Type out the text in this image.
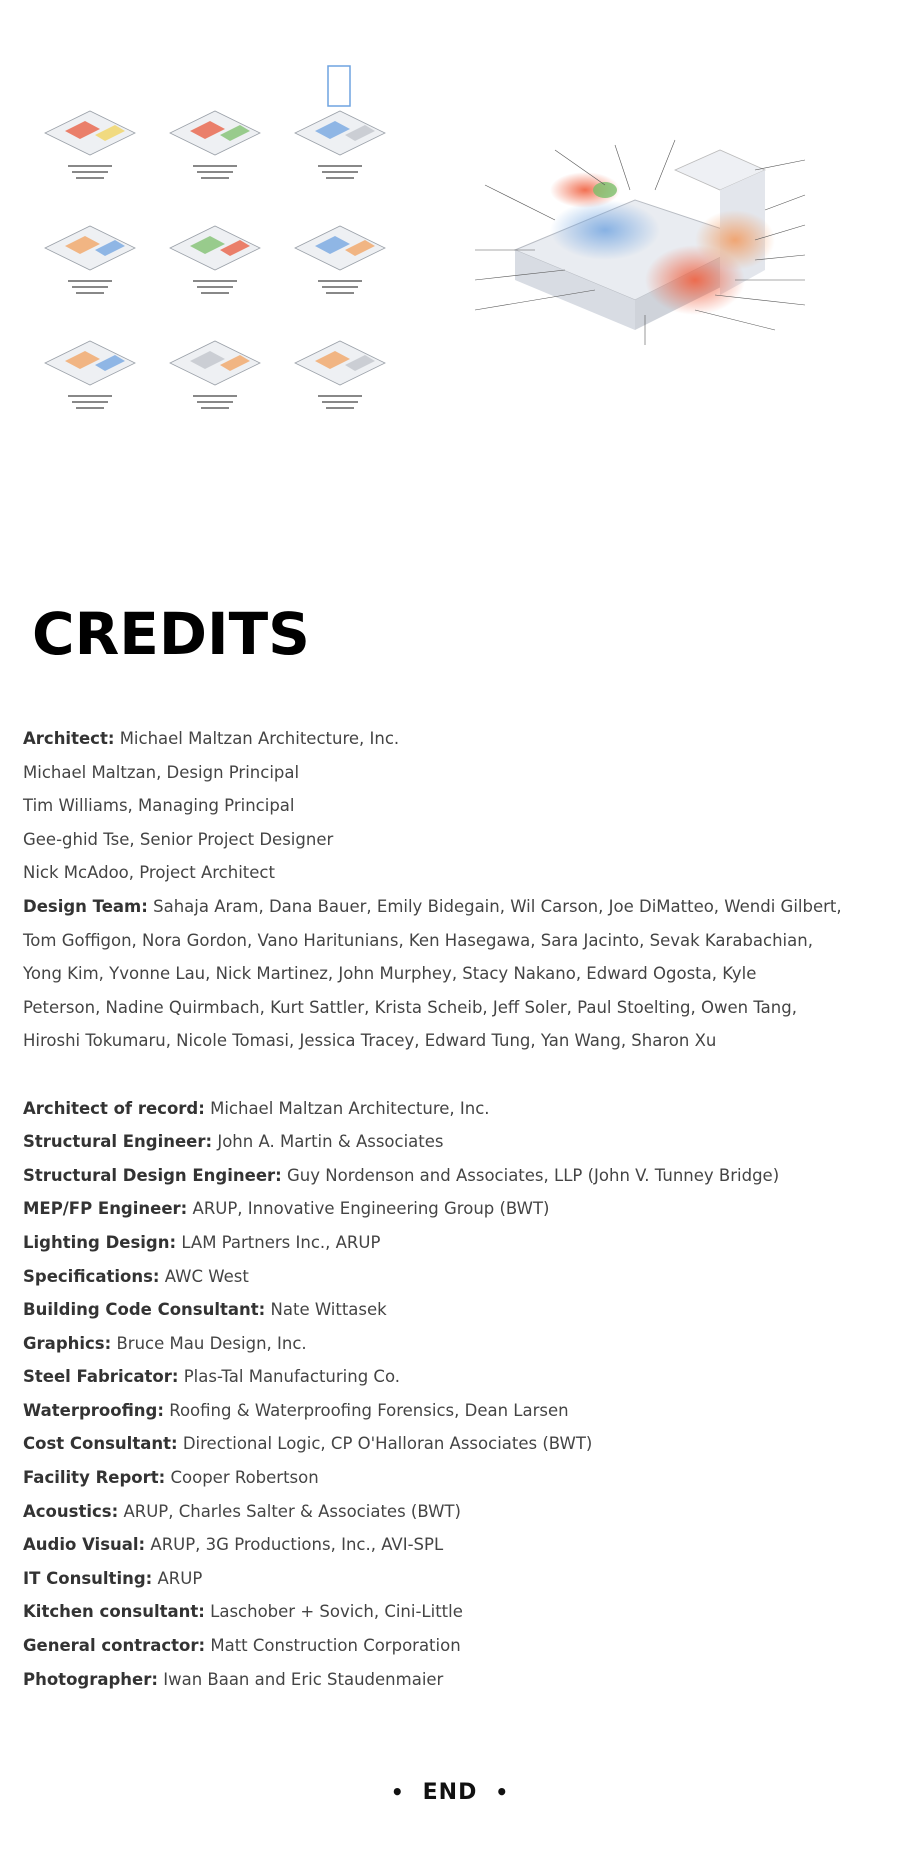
CREDITS

Architect: Michael Maltzan Architecture, Inc.

Michael Maltzan, Design Principal

Tim Williams, Managing Principal

Gee-ghid Tse, Senior Project Designer

Nick McAdoo, Project Architect

Design Team: Sahaja Aram, Dana Bauer, Emily Bidegain, Wil Carson, Joe DiMatteo, Wendi Gilbert,

Tom Goffigon, Nora Gordon, Vano Haritunians, Ken Hasegawa, Sara Jacinto, Sevak Karabachian,

Yong Kim, Yvonne Lau, Nick Martinez, John Murphey, Stacy Nakano, Edward Ogosta, Kyle

Peterson, Nadine Quirmbach, Kurt Sattler, Krista Scheib, Jeff Soler, Paul Stoelting, Owen Tang,

Hiroshi Tokumaru, Nicole Tomasi, Jessica Tracey, Edward Tung, Yan Wang, Sharon Xu

Architect of record: Michael Maltzan Architecture, Inc.

Structural Engineer: John A. Martin & Associates

Structural Design Engineer: Guy Nordenson and Associates, LLP (John V. Tunney Bridge)

MEP/FP Engineer: ARUP, Innovative Engineering Group (BWT)

Lighting Design: LAM Partners Inc., ARUP

Specifications: AWC West

Building Code Consultant: Nate Wittasek

Graphics: Bruce Mau Design, Inc.

Steel Fabricator: Plas-Tal Manufacturing Co.

Waterproofing: Roofing & Waterproofing Forensics, Dean Larsen

Cost Consultant: Directional Logic, CP O'Halloran Associates (BWT)

Facility Report: Cooper Robertson

Acoustics: ARUP, Charles Salter & Associates (BWT)

Audio Visual: ARUP, 3G Productions, Inc., AVI-SPL

IT Consulting: ARUP

Kitchen consultant: Laschober + Sovich, Cini-Little

General contractor: Matt Construction Corporation

Photographer: Iwan Baan and Eric Staudenmaier

• END •
